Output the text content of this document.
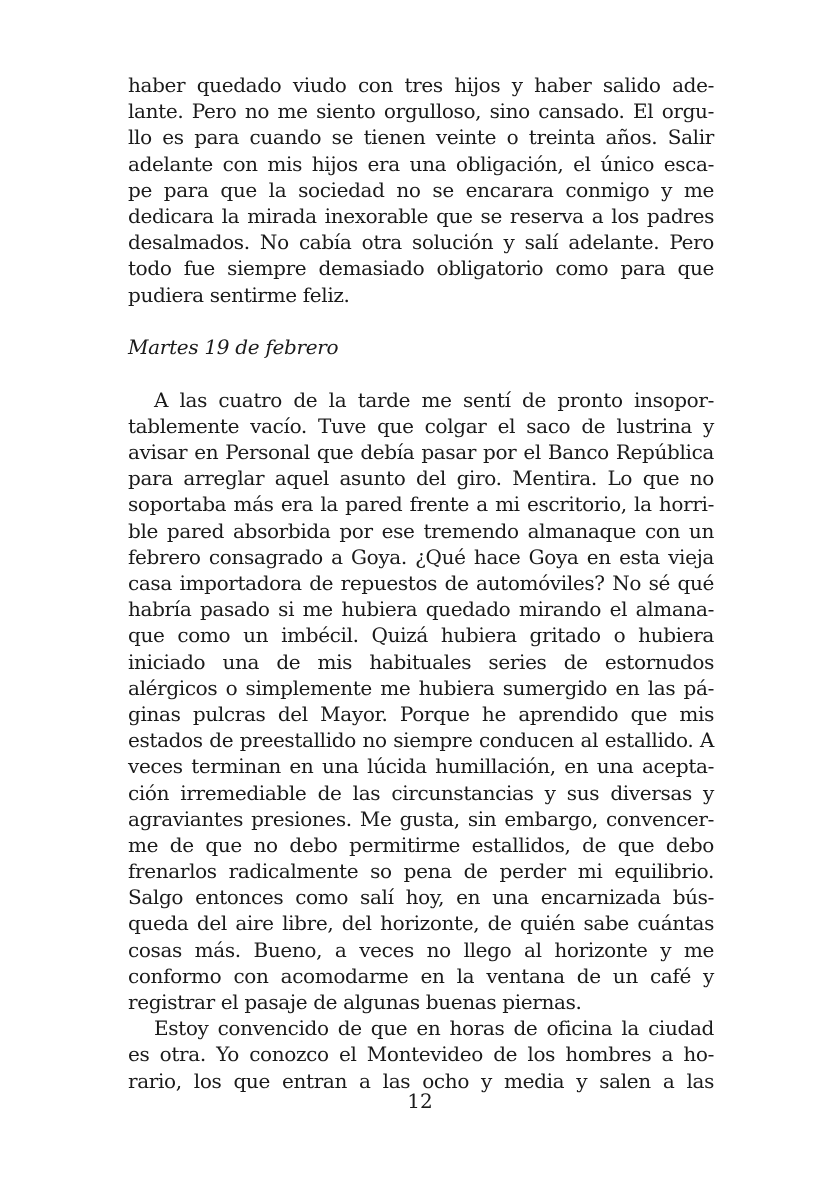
haber quedado viudo con tres hijos y haber salido ade-
lante. Pero no me siento orgulloso, sino cansado. El orgu-
llo es para cuando se tienen veinte o treinta años. Salir
adelante con mis hijos era una obligación, el único esca-
pe para que la sociedad no se encarara conmigo y me
dedicara la mirada inexorable que se reserva a los padres
desalmados. No cabía otra solución y salí adelante. Pero
todo fue siempre demasiado obligatorio como para que
pudiera sentirme feliz.
Martes 19 de febrero
A las cuatro de la tarde me sentí de pronto insopor-
tablemente vacío. Tuve que colgar el saco de lustrina y
avisar en Personal que debía pasar por el Banco República
para arreglar aquel asunto del giro. Mentira. Lo que no
soportaba más era la pared frente a mi escritorio, la horri-
ble pared absorbida por ese tremendo almanaque con un
febrero consagrado a Goya. ¿Qué hace Goya en esta vieja
casa importadora de repuestos de automóviles? No sé qué
habría pasado si me hubiera quedado mirando el almana-
que como un imbécil. Quizá hubiera gritado o hubiera
iniciado una de mis habituales series de estornudos
alérgicos o simplemente me hubiera sumergido en las pá-
ginas pulcras del Mayor. Porque he aprendido que mis
estados de preestallido no siempre conducen al estallido. A
veces terminan en una lúcida humillación, en una acepta-
ción irremediable de las circunstancias y sus diversas y
agraviantes presiones. Me gusta, sin embargo, convencer-
me de que no debo permitirme estallidos, de que debo
frenarlos radicalmente so pena de perder mi equilibrio.
Salgo entonces como salí hoy, en una encarnizada bús-
queda del aire libre, del horizonte, de quién sabe cuántas
cosas más. Bueno, a veces no llego al horizonte y me
conformo con acomodarme en la ventana de un café y
registrar el pasaje de algunas buenas piernas.
Estoy convencido de que en horas de oficina la ciudad
es otra. Yo conozco el Montevideo de los hombres a ho-
rario, los que entran a las ocho y media y salen a las
12
